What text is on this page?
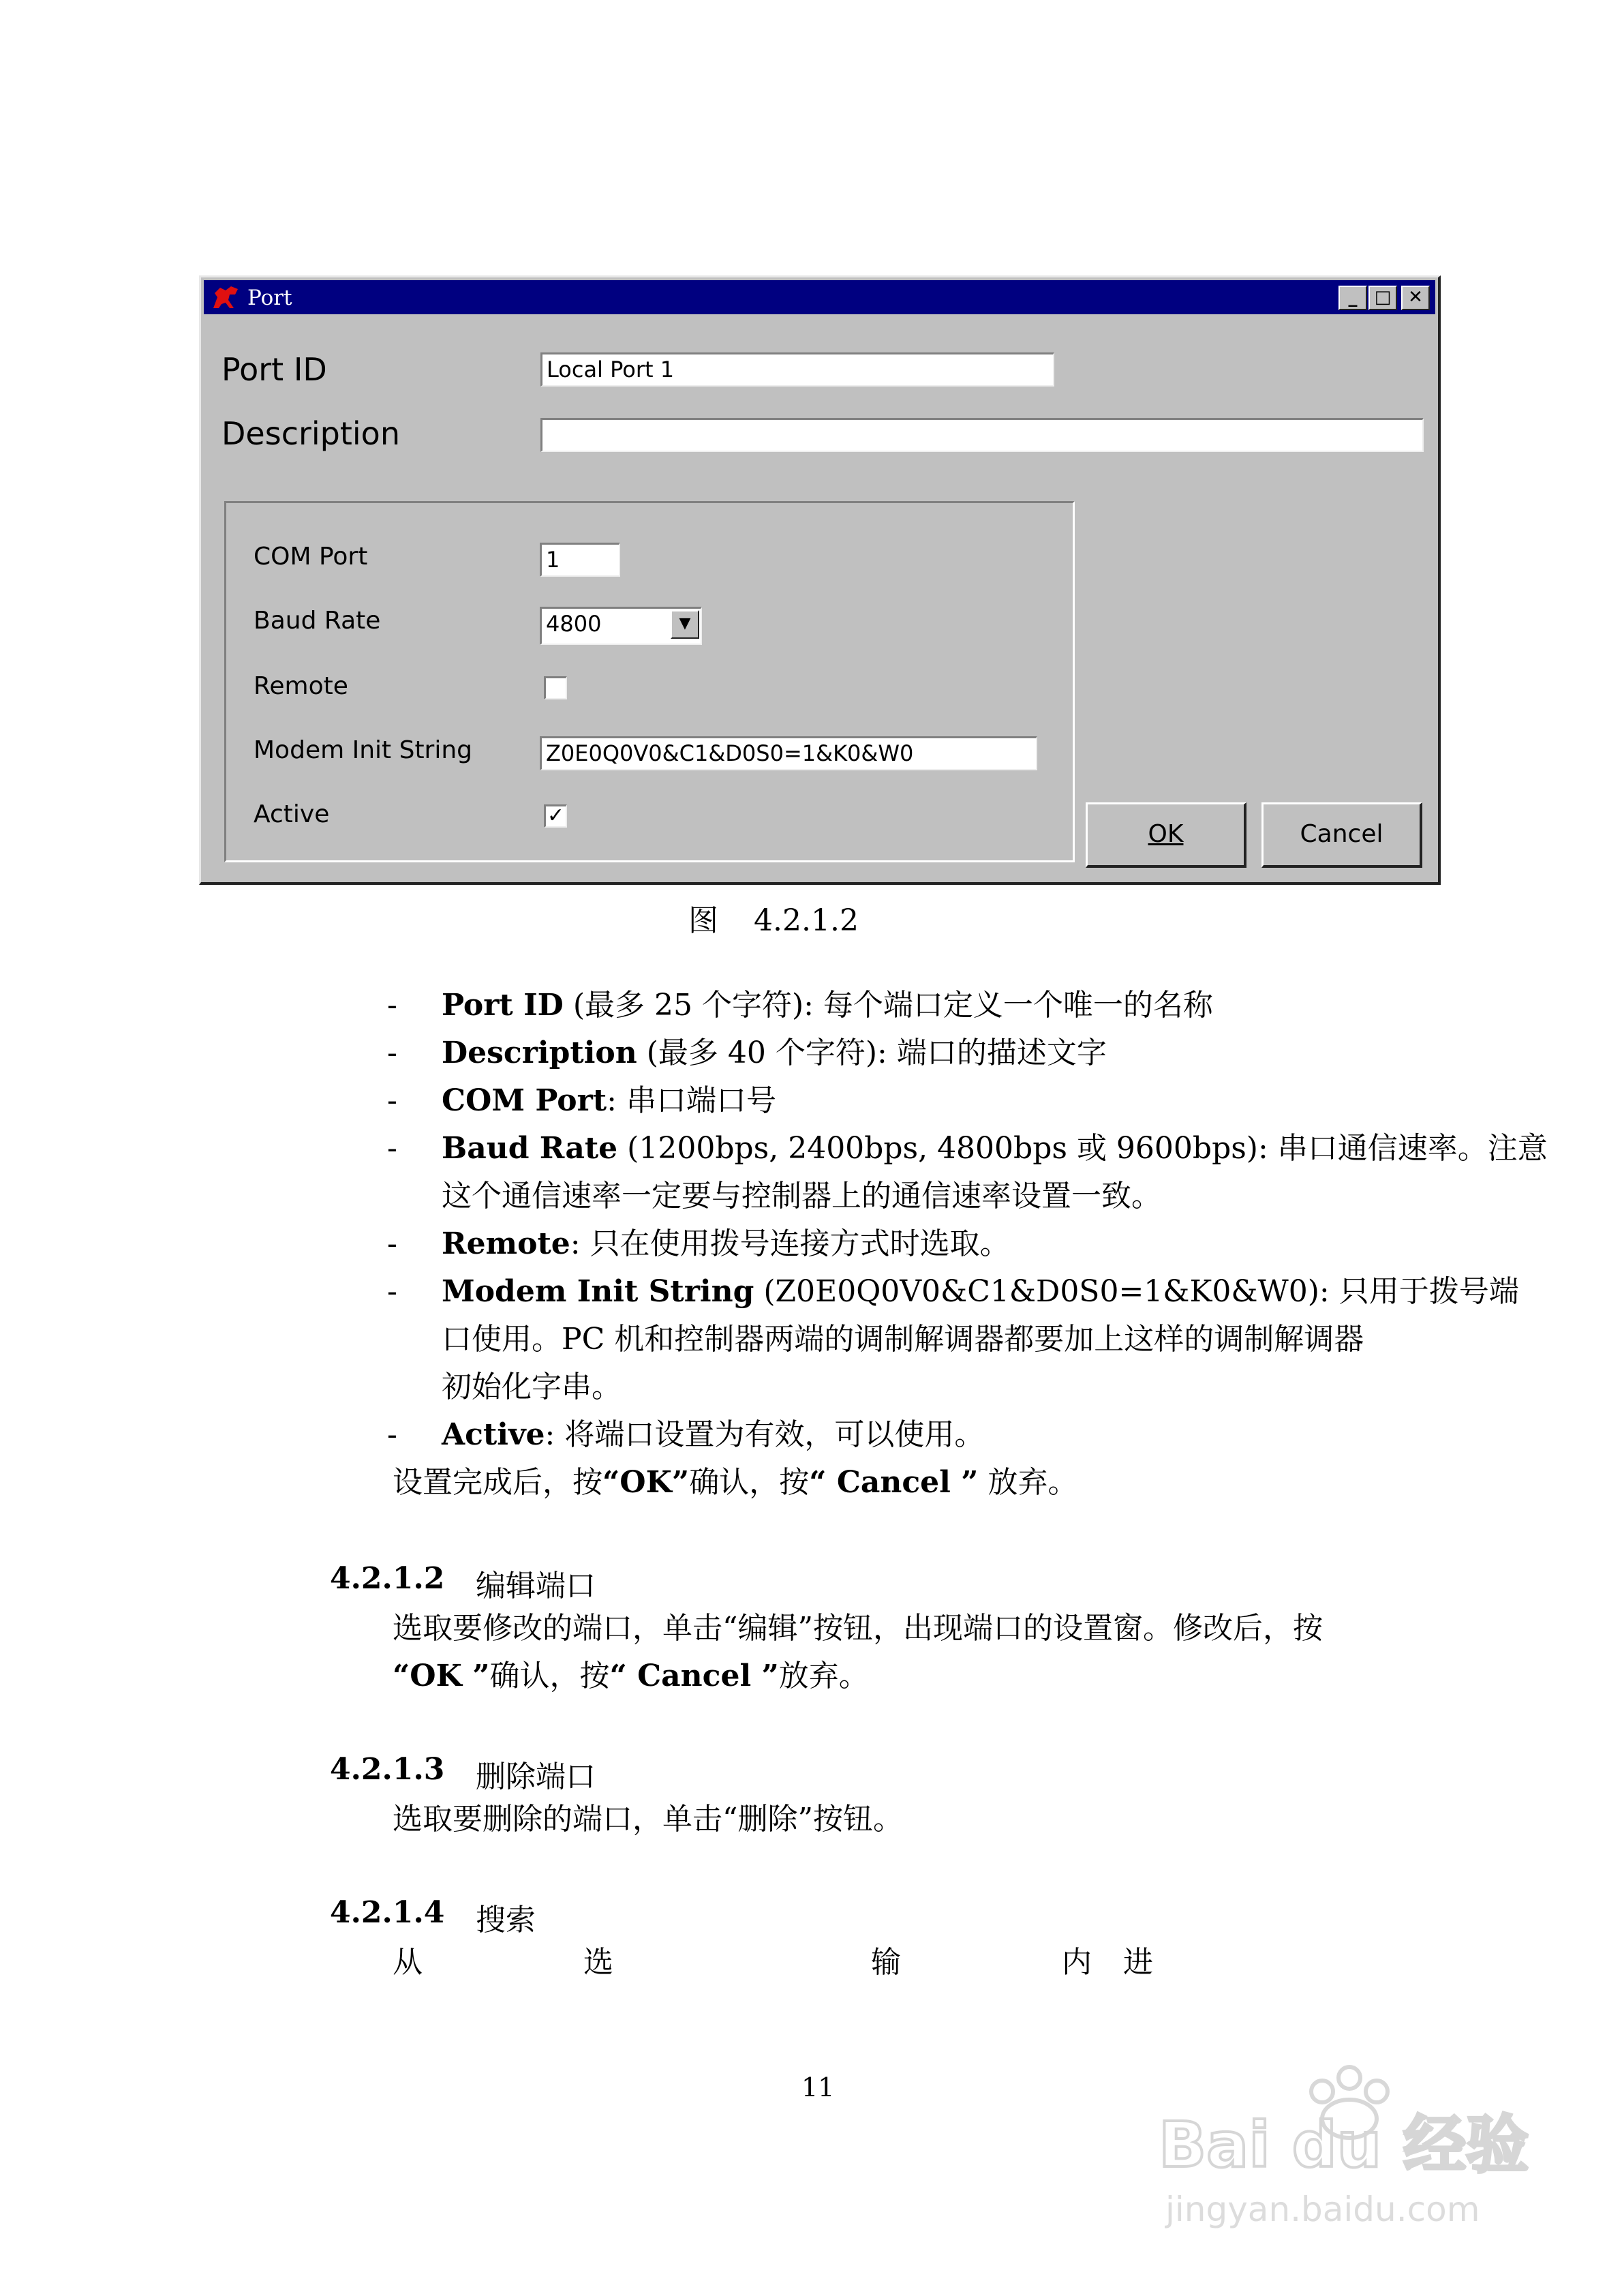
Port	_ □ ✕
Port ID	Local Port 1
Description
COM Port	1
Baud Rate	4800	▼
Remote
Modem Init String	Z0E0Q0V0&C1&D0S0=1&K0&W0
Active	✓
OK	Cancel
图 4.2.1.2
- Port ID (最多 25 个字符): 每个端口定义一个唯一的名称
- Description (最多 40 个字符): 端口的描述文字
- COM Port: 串口端口号
- Baud Rate (1200bps, 2400bps, 4800bps 或 9600bps): 串口通信速率。注意
这个通信速率一定要与控制器上的通信速率设置一致。
- Remote: 只在使用拨号连接方式时选取。
- Modem Init String (Z0E0Q0V0&C1&D0S0=1&K0&W0): 只用于拨号端
口使用。PC 机和控制器两端的调制解调器都要加上这样的调制解调器
初始化字串。
- Active: 将端口设置为有效，可以使用。
设置完成后，按“OK”确认，按“ Cancel ” 放弃。
4.2.1.2 编辑端口
选取要修改的端口，单击“编辑”按钮，出现端口的设置窗。修改后，按
“OK ”确认，按“ Cancel ”放弃。
4.2.1.3 删除端口
选取要删除的端口，单击“删除”按钮。
4.2.1.4 搜索
从	选	输	内 进
11
Bai du 经验
jingyan.baidu.com
